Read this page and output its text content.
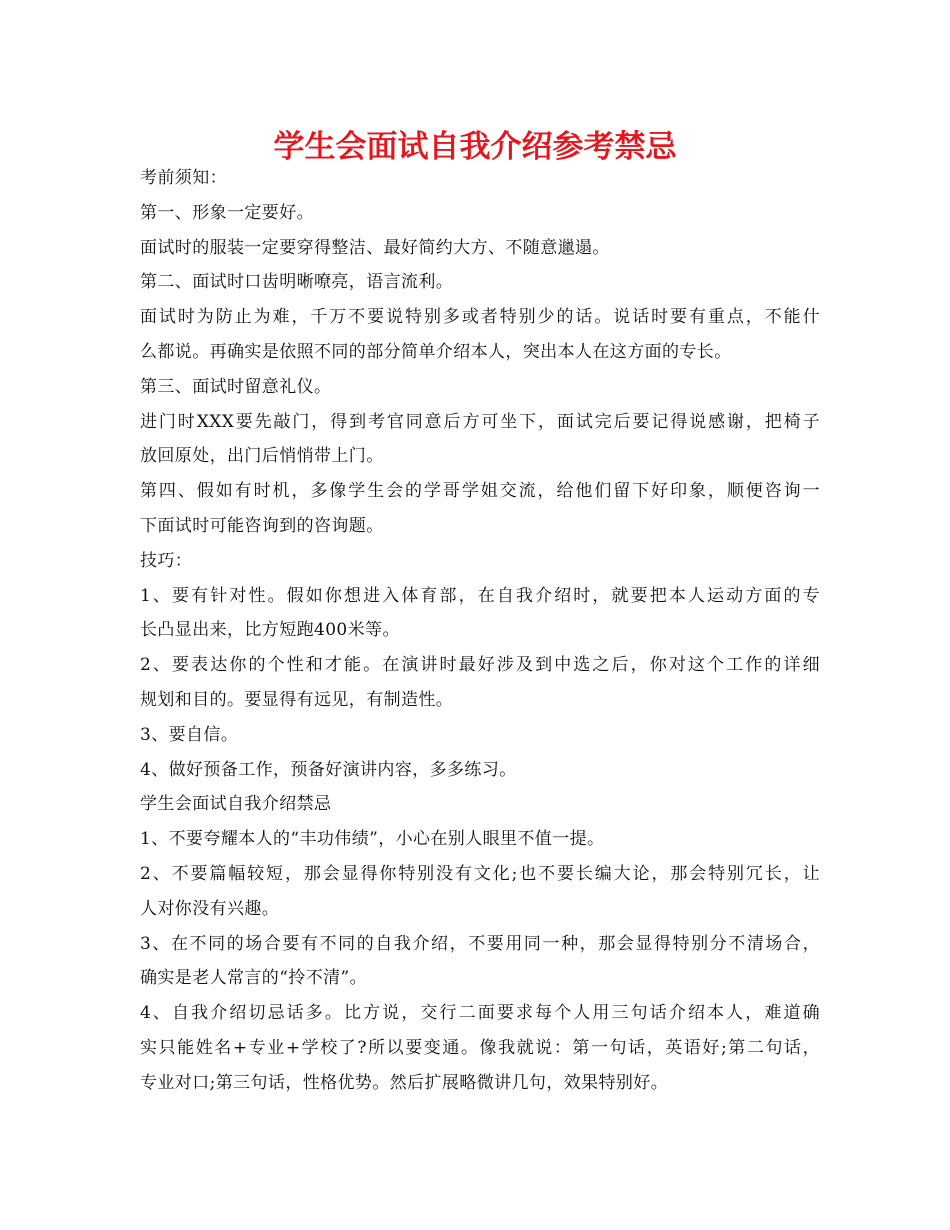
学生会面试自我介绍参考禁忌
考前须知：
第一、形象一定要好。
面试时的服装一定要穿得整洁、最好简约大方、不随意邋遢。
第二、面试时口齿明晰嘹亮，语言流利。
面试时为防止为难，千万不要说特别多或者特别少的话。说话时要有重点，不能什
么都说。再确实是依照不同的部分简单介绍本人，突出本人在这方面的专长。
第三、面试时留意礼仪。
进门时XXX要先敲门，得到考官同意后方可坐下，面试完后要记得说感谢，把椅子
放回原处，出门后悄悄带上门。
第四、假如有时机，多像学生会的学哥学姐交流，给他们留下好印象，顺便咨询一
下面试时可能咨询到的咨询题。
技巧：
1、要有针对性。假如你想进入体育部，在自我介绍时，就要把本人运动方面的专
长凸显出来，比方短跑400米等。
2、要表达你的个性和才能。在演讲时最好涉及到中选之后，你对这个工作的详细
规划和目的。要显得有远见，有制造性。
3、要自信。
4、做好预备工作，预备好演讲内容，多多练习。
学生会面试自我介绍禁忌
1、不要夸耀本人的“丰功伟绩”，小心在别人眼里不值一提。
2、不要篇幅较短，那会显得你特别没有文化;也不要长编大论，那会特别冗长，让
人对你没有兴趣。
3、在不同的场合要有不同的自我介绍，不要用同一种，那会显得特别分不清场合，
确实是老人常言的“拎不清”。
4、自我介绍切忌话多。比方说，交行二面要求每个人用三句话介绍本人，难道确
实只能姓名+专业+学校了?所以要变通。像我就说：第一句话，英语好;第二句话，
专业对口;第三句话，性格优势。然后扩展略微讲几句，效果特别好。
